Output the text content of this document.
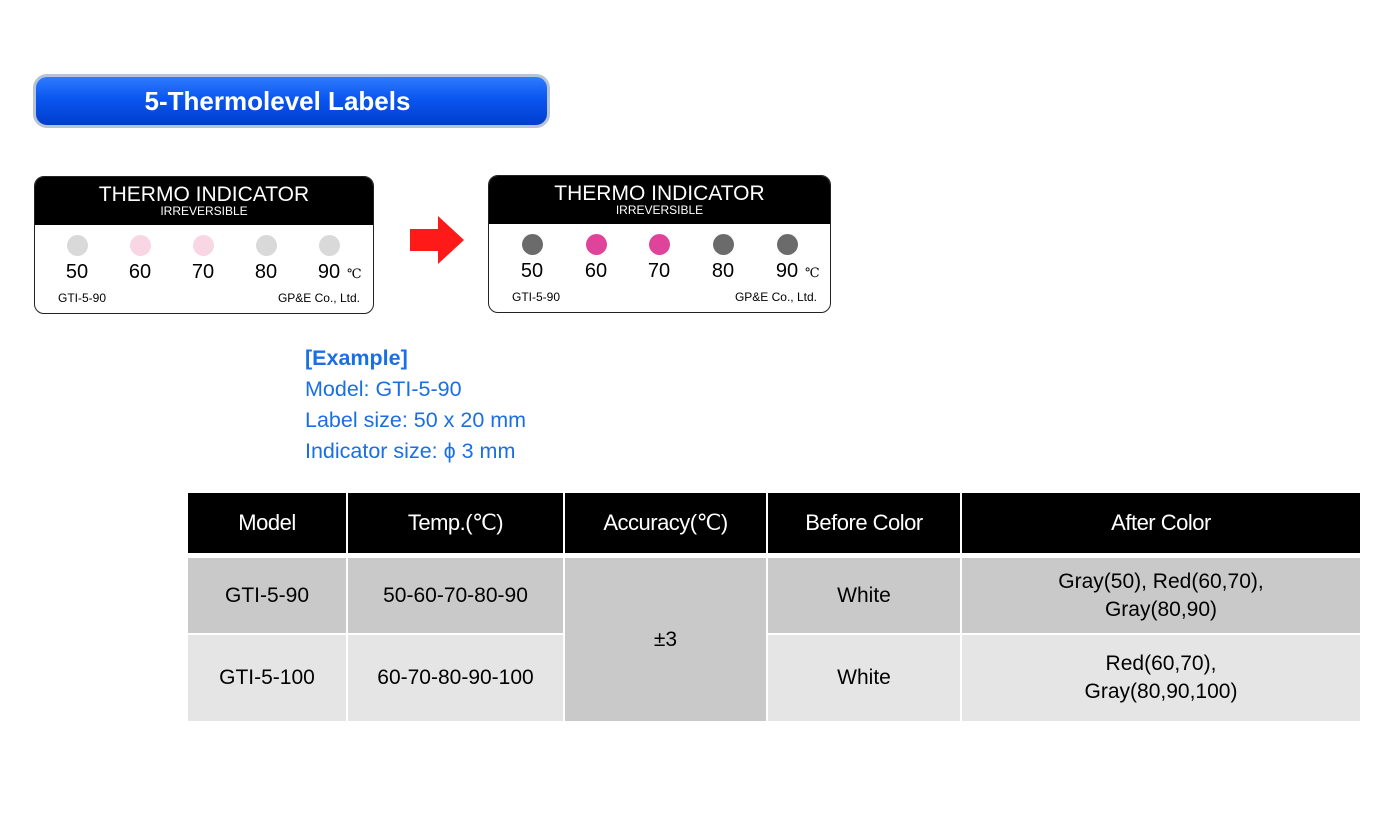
5-Thermolevel Labels
THERMO INDICATOR
IRREVERSIBLE
50	60	70	80	90 ℃
GTI-5-90	GP&E Co., Ltd.
THERMO INDICATOR
IRREVERSIBLE
50	60	70	80	90 ℃
GTI-5-90	GP&E Co., Ltd.
[Example]
Model: GTI-5-90
Label size: 50 x 20 mm
Indicator size: ϕ 3 mm
Model	Temp.(℃)	Accuracy(℃)	Before Color	After Color
GTI-5-90	50-60-70-80-90	±3	White	Gray(50), Red(60,70),
Gray(80,90)

GTI-5-100	60-70-80-90-100		White	Red(60,70),
Gray(80,90,100)
